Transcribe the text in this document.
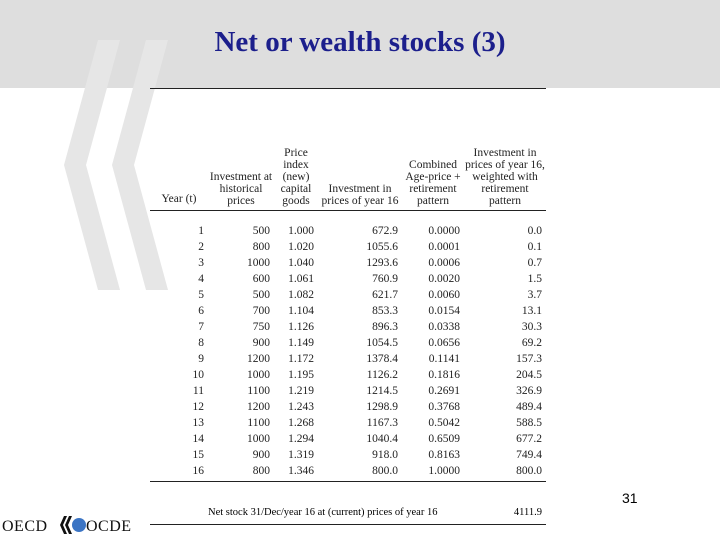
Net or wealth stocks (3)
Year (t)	Investment at historical prices	Price index (new) capital goods	Investment in prices of year 16	Combined Age-price + retirement pattern	Investment in prices of year 16, weighted with retirement pattern
1	500	1.000	672.9	0.0000	0.0
2	800	1.020	1055.6	0.0001	0.1
3	1000	1.040	1293.6	0.0006	0.7
4	600	1.061	760.9	0.0020	1.5
5	500	1.082	621.7	0.0060	3.7
6	700	1.104	853.3	0.0154	13.1
7	750	1.126	896.3	0.0338	30.3
8	900	1.149	1054.5	0.0656	69.2
9	1200	1.172	1378.4	0.1141	157.3
10	1000	1.195	1126.2	0.1816	204.5
11	1100	1.219	1214.5	0.2691	326.9
12	1200	1.243	1298.9	0.3768	489.4
13	1100	1.268	1167.3	0.5042	588.5
14	1000	1.294	1040.4	0.6509	677.2
15	900	1.319	918.0	0.8163	749.4
16	800	1.346	800.0	1.0000	800.0
Net stock 31/Dec/year 16 at (current) prices of year 16	4111.9
31
OECD OCDE
